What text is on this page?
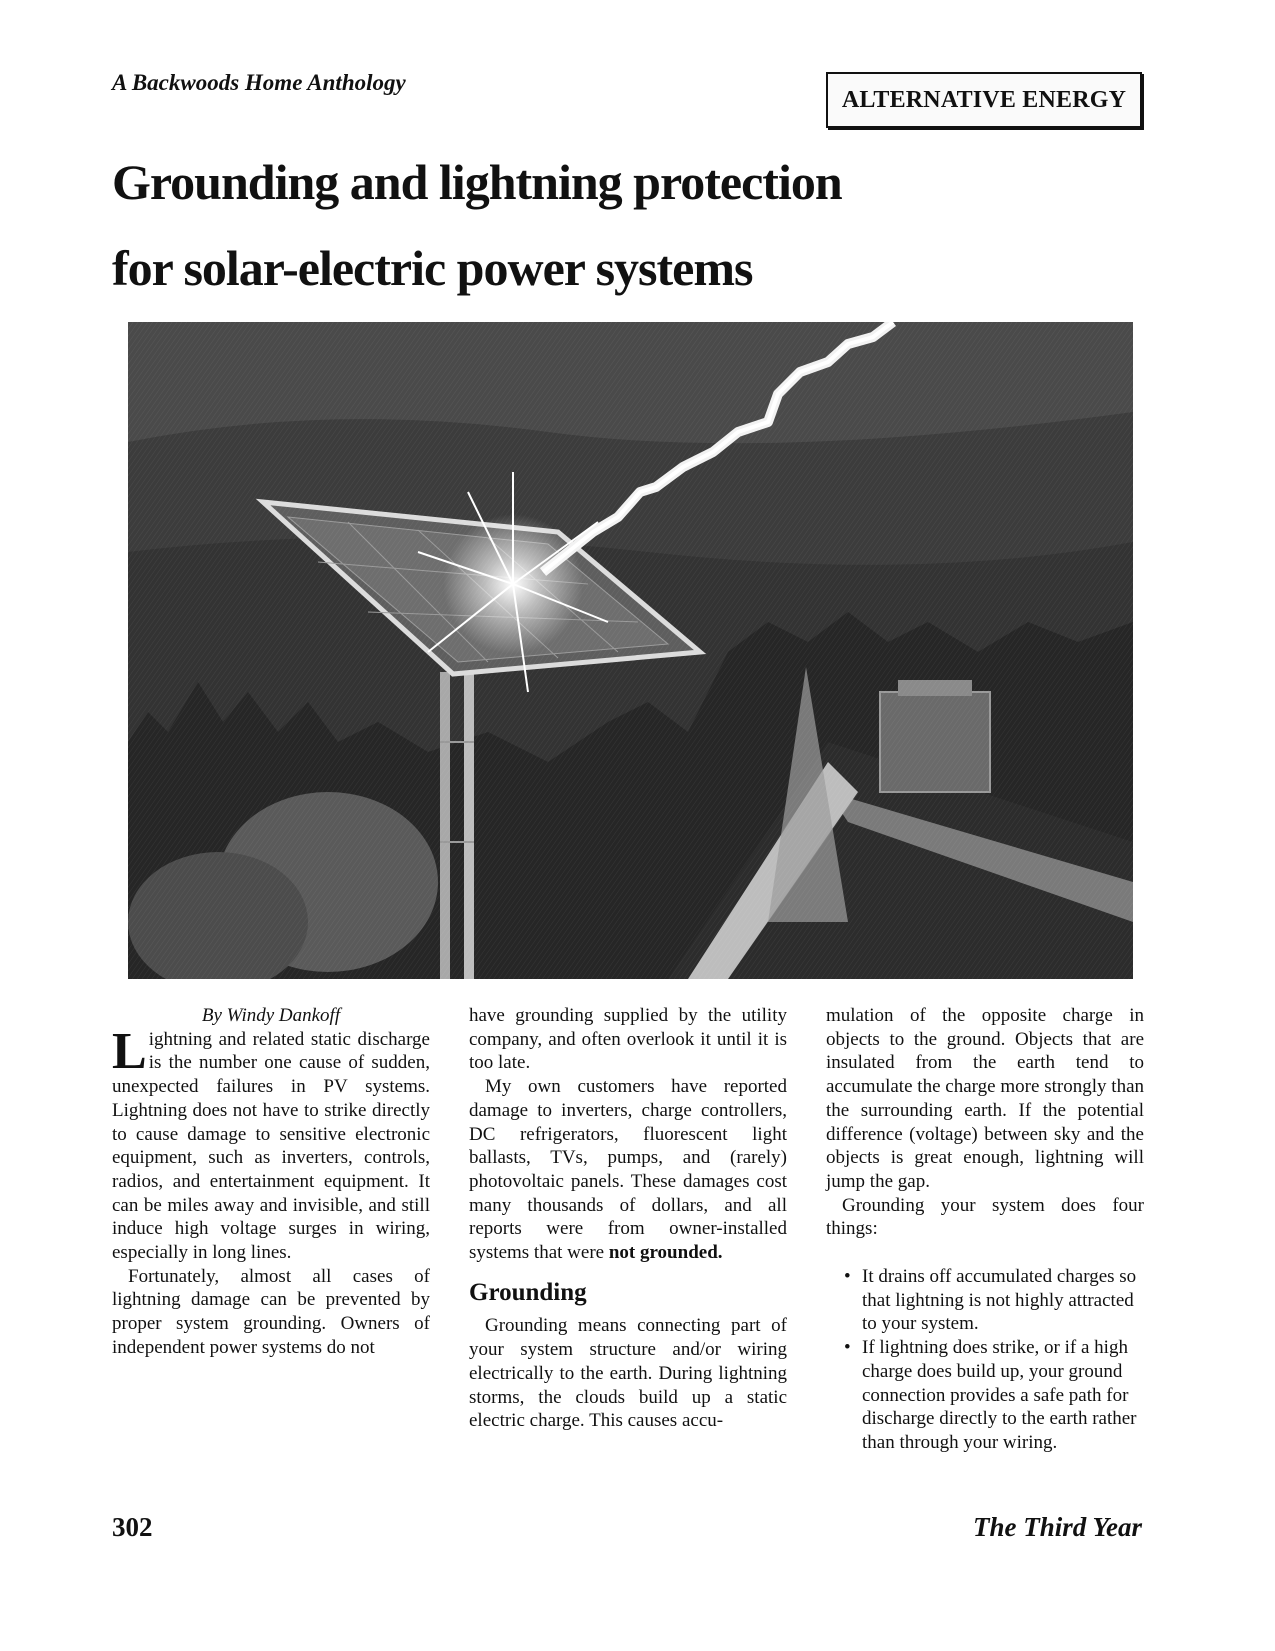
A Backwoods Home Anthology
ALTERNATIVE ENERGY
Grounding and lightning protection
for solar-electric power systems

By Windy Dankoff

Lightning and related static discharge is the number one cause of sudden, unexpected failures in PV systems. Lightning does not have to strike directly to cause damage to sensitive electronic equipment, such as inverters, controls, radios, and entertainment equipment. It can be miles away and invisible, and still induce high voltage surges in wiring, especially in long lines.

Fortunately, almost all cases of lightning damage can be prevented by proper system grounding. Owners of independent power systems do not

have grounding supplied by the utility company, and often overlook it until it is too late.

My own customers have reported damage to inverters, charge controllers, DC refrigerators, fluorescent light ballasts, TVs, pumps, and (rarely) photovoltaic panels. These damages cost many thousands of dollars, and all reports were from owner-installed systems that were not grounded.

Grounding

Grounding means connecting part of your system structure and/or wiring electrically to the earth. During lightning storms, the clouds build up a static electric charge. This causes accu-

mulation of the opposite charge in objects to the ground. Objects that are insulated from the earth tend to accumulate the charge more strongly than the surrounding earth. If the potential difference (voltage) between sky and the objects is great enough, lightning will jump the gap.

Grounding your system does four things:

• It drains off accumulated charges so that lightning is not highly attracted to your system.
• If lightning does strike, or if a high charge does build up, your ground connection provides a safe path for discharge directly to the earth rather than through your wiring.
302	The Third Year
